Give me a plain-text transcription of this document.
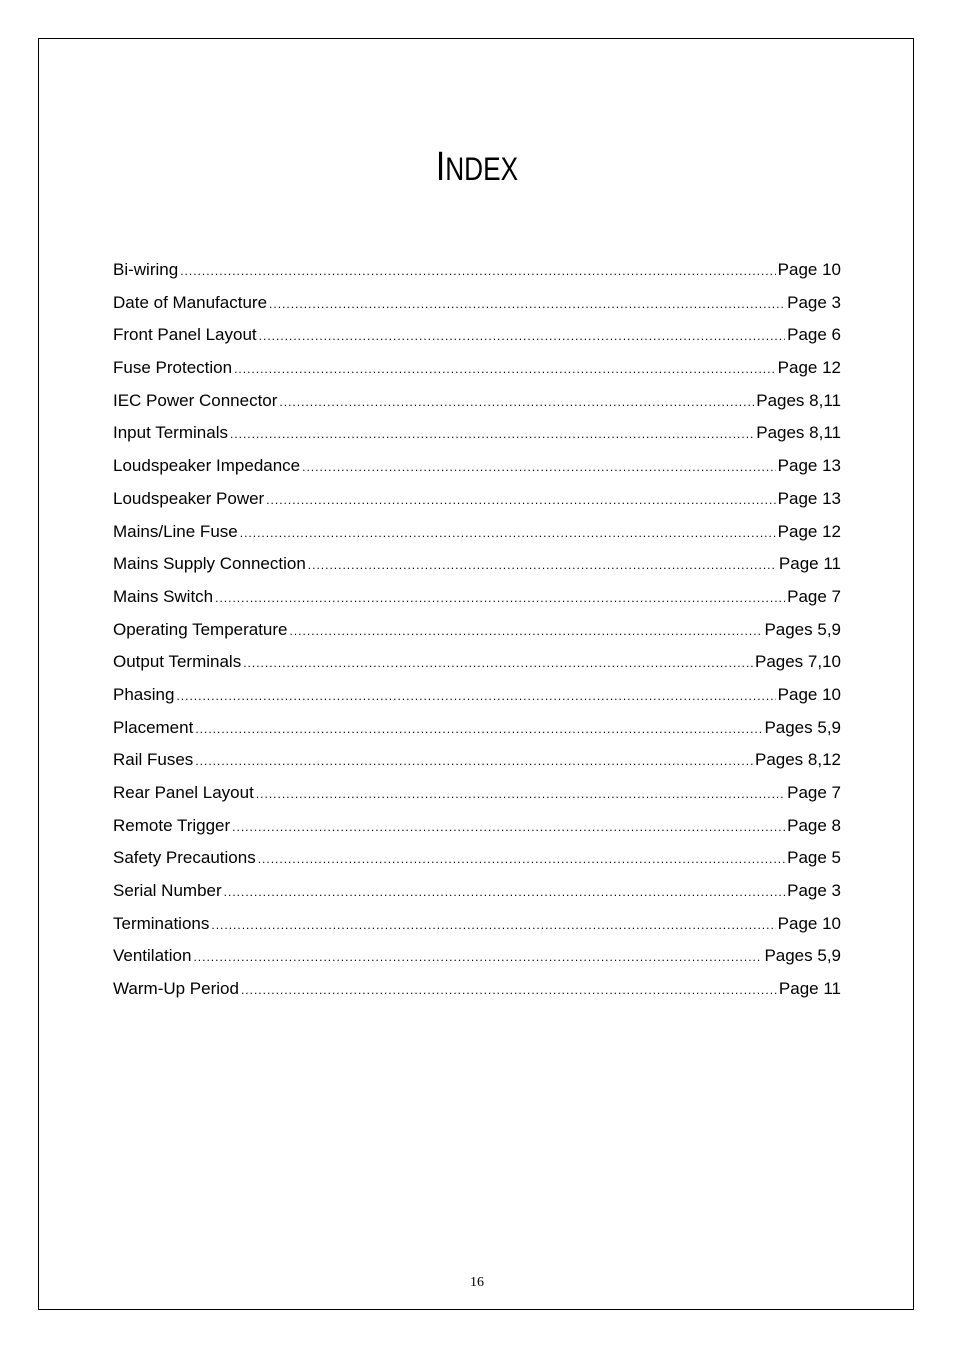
INDEX
Bi-wiring .....	Page 10
Date of Manufacture .....	Page 3
Front Panel Layout .....	Page 6
Fuse Protection .....	Page 12
IEC Power Connector .....	Pages 8,11
Input Terminals .....	Pages 8,11
Loudspeaker Impedance .....	Page 13
Loudspeaker Power .....	Page 13
Mains/Line Fuse .....	Page 12
Mains Supply Connection .....	Page 11
Mains Switch .....	Page 7
Operating Temperature .....	Pages 5,9
Output Terminals .....	Pages 7,10
Phasing .....	Page 10
Placement .....	Pages 5,9
Rail Fuses .....	Pages 8,12
Rear Panel Layout .....	Page 7
Remote Trigger .....	Page 8
Safety Precautions .....	Page 5
Serial Number .....	Page 3
Terminations .....	Page 10
Ventilation .....	Pages 5,9
Warm-Up Period .....	Page 11
16
